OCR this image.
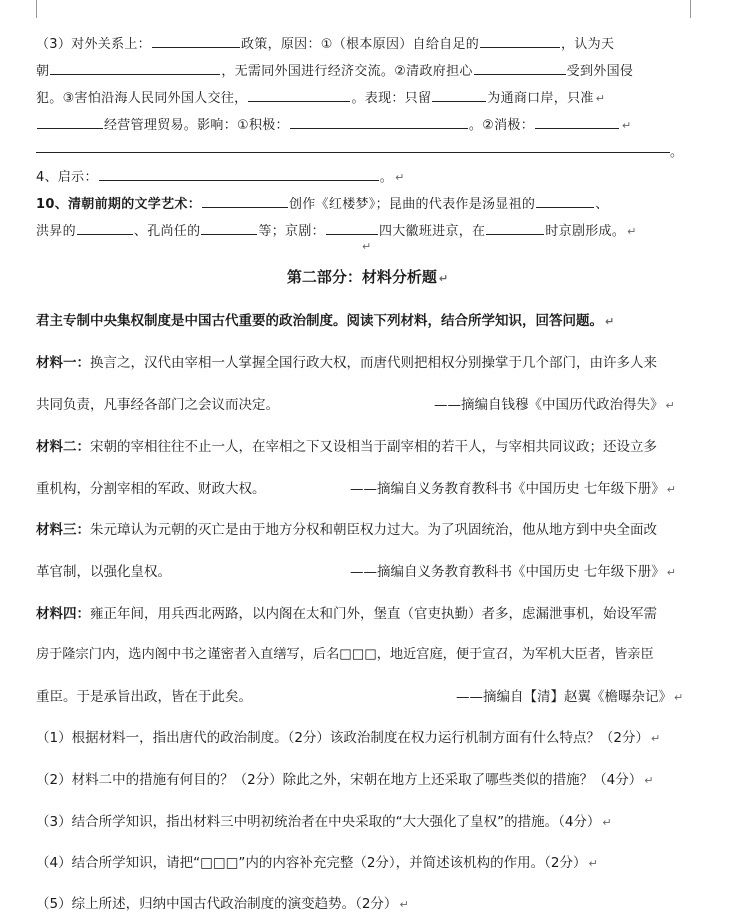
（3）对外关系上：	政策，原因：①（根本原因）自给自足的	，认为天
朝	，无需同外国进行经济交流。②清政府担心	受到外国侵
犯。③害怕沿海人民同外国人交往，	。表现：只留	为通商口岸，只准 ↵
经营管理贸易。影响：①积极：	。②消极：	↵
。
4、启示：	。 ↵
10、清朝前期的文学艺术：	创作《红楼梦》；昆曲的代表作是汤显祖的	、
洪昇的	、孔尚任的	等；京剧：	四大徽班进京，在	时京剧形成。 ↵
↵
第二部分：材料分析题 ↵
君主专制中央集权制度是中国古代重要的政治制度。阅读下列材料，结合所学知识，回答问题。 ↵
材料一：换言之，汉代由宰相一人掌握全国行政大权，而唐代则把相权分别操掌于几个部门，由许多人来
共同负责，凡事经各部门之会议而决定。	——摘编自钱穆《中国历代政治得失》 ↵
材料二：宋朝的宰相往往不止一人，在宰相之下又设相当于副宰相的若干人，与宰相共同议政；还设立多
重机构，分割宰相的军政、财政大权。	——摘编自义务教育教科书《中国历史 七年级下册》 ↵
材料三：朱元璋认为元朝的灭亡是由于地方分权和朝臣权力过大。为了巩固统治，他从地方到中央全面改
革官制，以强化皇权。	——摘编自义务教育教科书《中国历史 七年级下册》 ↵
材料四：雍正年间，用兵西北两路，以内阁在太和门外，堡直（官吏执勤）者多，虑漏泄事机，始设军需
房于隆宗门内，选内阁中书之谨密者入直缮写，后名□□□，地近宫庭，便于宣召，为军机大臣者，皆亲臣
重臣。于是承旨出政，皆在于此矣。	——摘编自【清】赵翼《檐曝杂记》 ↵
（1）根据材料一，指出唐代的政治制度。（2分）该政治制度在权力运行机制方面有什么特点？（2分） ↵
（2）材料二中的措施有何目的？（2分）除此之外，宋朝在地方上还采取了哪些类似的措施？（4分） ↵
（3）结合所学知识，指出材料三中明初统治者在中央采取的“大大强化了皇权”的措施。（4分） ↵
（4）结合所学知识，请把“□□□”内的内容补充完整（2分），并简述该机构的作用。（2分） ↵
（5）综上所述，归纳中国古代政治制度的演变趋势。（2分） ↵
